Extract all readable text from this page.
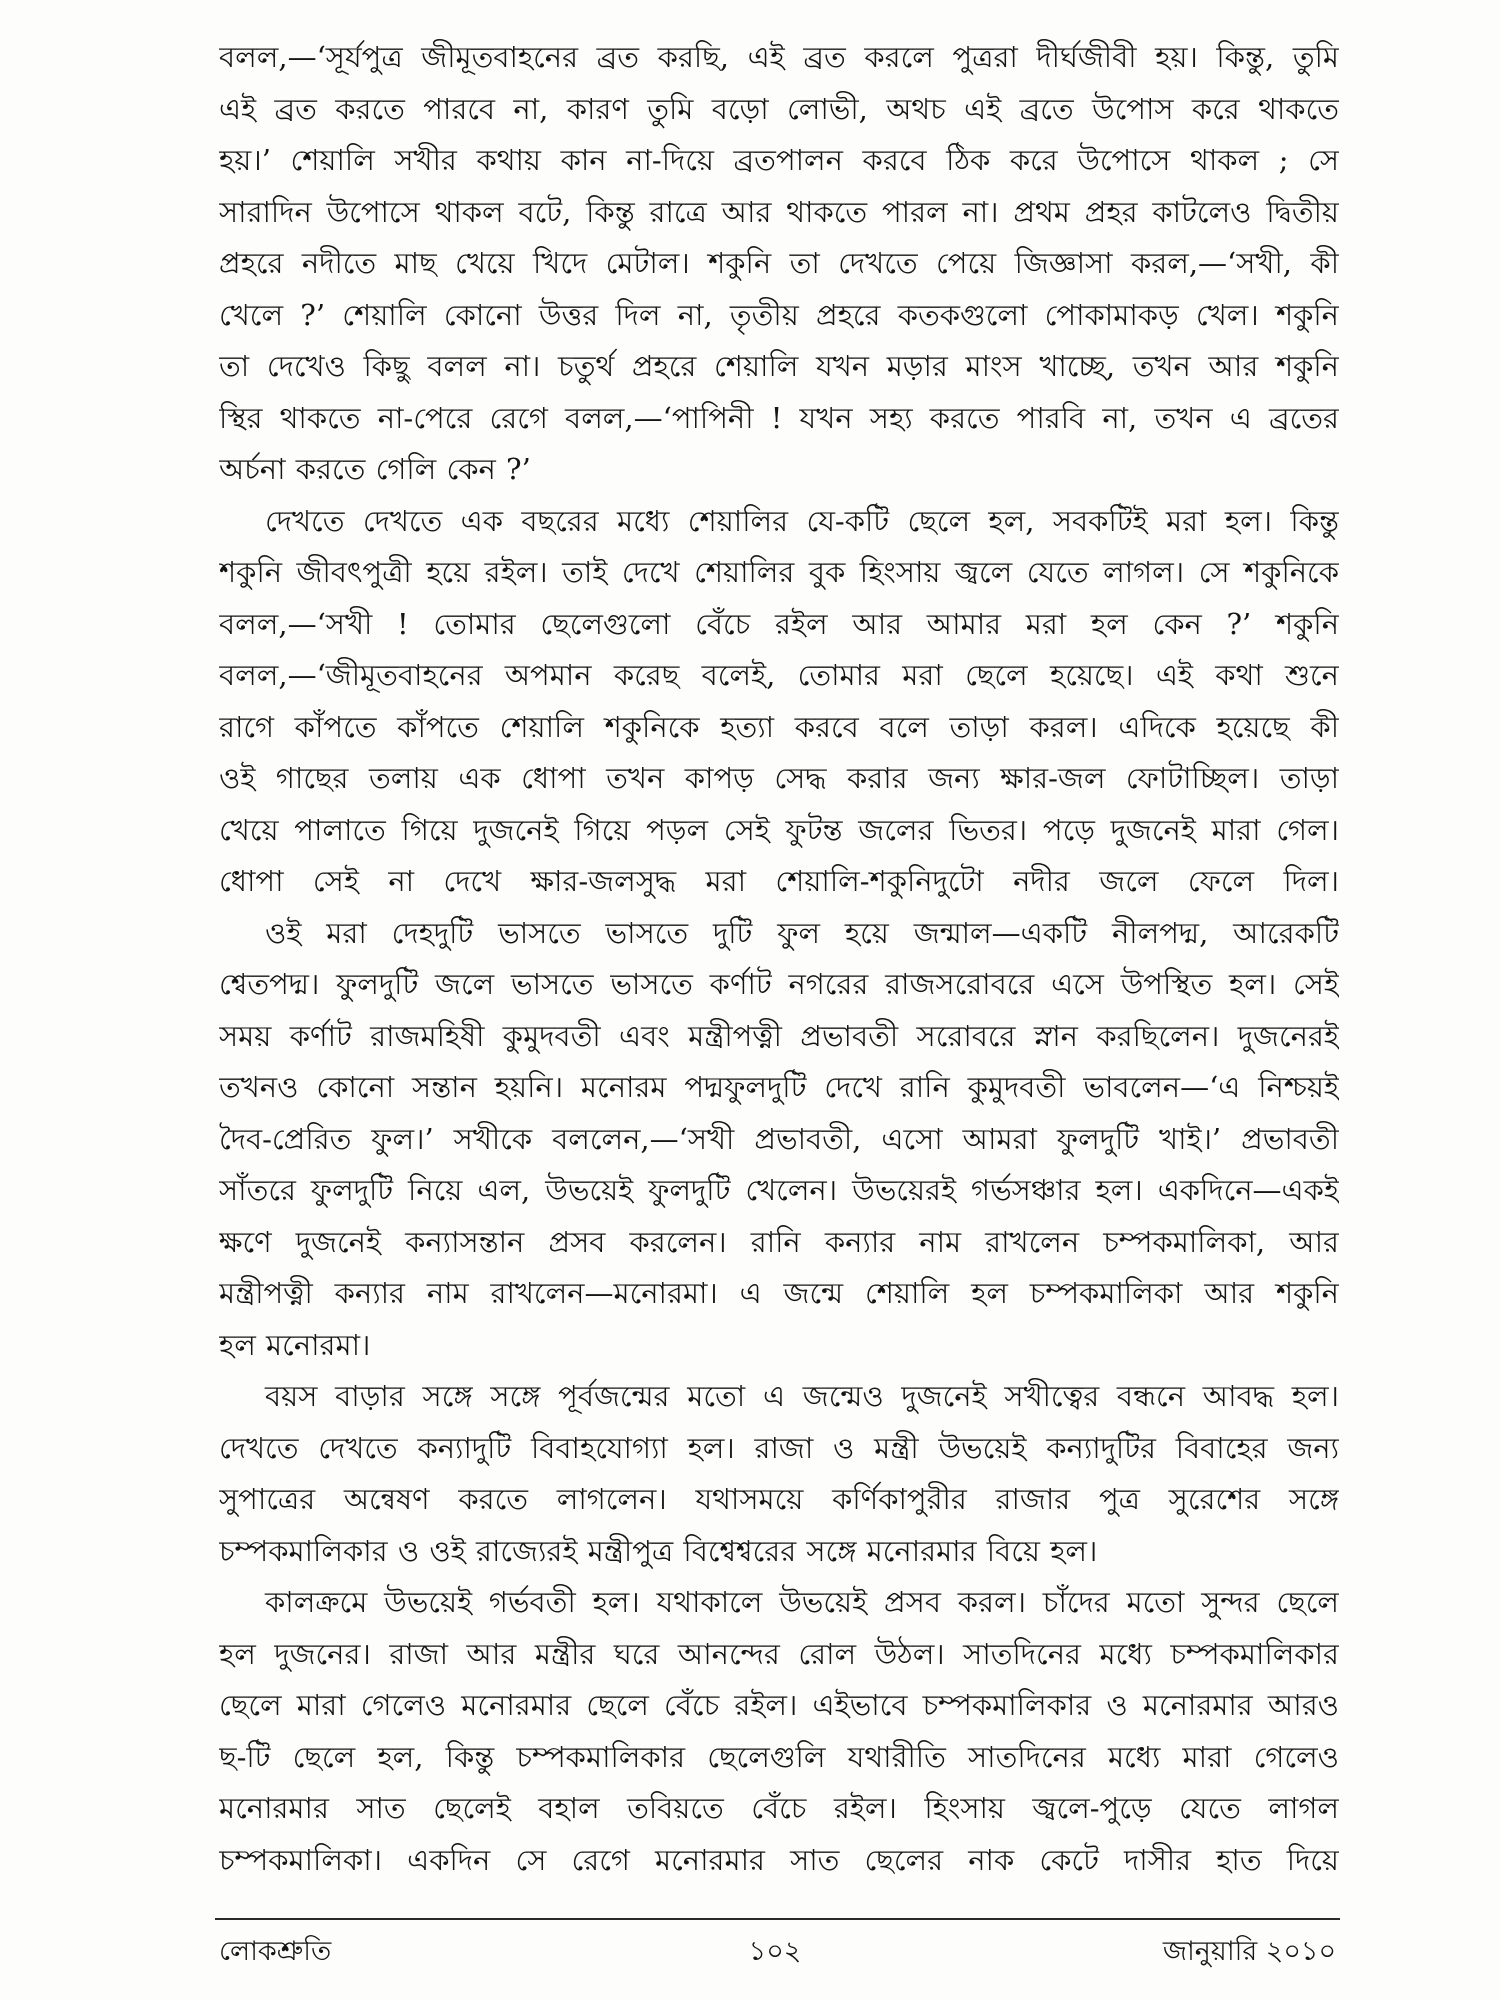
বলল,—‘সূর্যপুত্র জীমূতবাহনের ব্রত করছি, এই ব্রত করলে পুত্ররা দীর্ঘজীবী হয়। কিন্তু, তুমি
এই ব্রত করতে পারবে না, কারণ তুমি বড়ো লোভী, অথচ এই ব্রতে উপোস করে থাকতে
হয়।’ শেয়ালি সখীর কথায় কান না-দিয়ে ব্রতপালন করবে ঠিক করে উপোসে থাকল ; সে
সারাদিন উপোসে থাকল বটে, কিন্তু রাত্রে আর থাকতে পারল না। প্রথম প্রহর কাটলেও দ্বিতীয়
প্রহরে নদীতে মাছ খেয়ে খিদে মেটাল। শকুনি তা দেখতে পেয়ে জিজ্ঞাসা করল,—‘সখী, কী
খেলে ?’ শেয়ালি কোনো উত্তর দিল না, তৃতীয় প্রহরে কতকগুলো পোকামাকড় খেল। শকুনি
তা দেখেও কিছু বলল না। চতুর্থ প্রহরে শেয়ালি যখন মড়ার মাংস খাচ্ছে, তখন আর শকুনি
স্থির থাকতে না-পেরে রেগে বলল,—‘পাপিনী ! যখন সহ্য করতে পারবি না, তখন এ ব্রতের
অর্চনা করতে গেলি কেন ?’
দেখতে দেখতে এক বছরের মধ্যে শেয়ালির যে-কটি ছেলে হল, সবকটিই মরা হল। কিন্তু
শকুনি জীবৎপুত্রী হয়ে রইল। তাই দেখে শেয়ালির বুক হিংসায় জ্বলে যেতে লাগল। সে শকুনিকে
বলল,—‘সখী ! তোমার ছেলেগুলো বেঁচে রইল আর আমার মরা হল কেন ?’ শকুনি
বলল,—‘জীমূতবাহনের অপমান করেছ বলেই, তোমার মরা ছেলে হয়েছে। এই কথা শুনে
রাগে কাঁপতে কাঁপতে শেয়ালি শকুনিকে হত্যা করবে বলে তাড়া করল। এদিকে হয়েছে কী
ওই গাছের তলায় এক ধোপা তখন কাপড় সেদ্ধ করার জন্য ক্ষার-জল ফোটাচ্ছিল। তাড়া
খেয়ে পালাতে গিয়ে দুজনেই গিয়ে পড়ল সেই ফুটন্ত জলের ভিতর। পড়ে দুজনেই মারা গেল।
ধোপা সেই না দেখে ক্ষার-জলসুদ্ধ মরা শেয়ালি-শকুনিদুটো নদীর জলে ফেলে দিল।
ওই মরা দেহদুটি ভাসতে ভাসতে দুটি ফুল হয়ে জন্মাল—একটি নীলপদ্ম, আরেকটি
শ্বেতপদ্ম। ফুলদুটি জলে ভাসতে ভাসতে কর্ণাট নগরের রাজসরোবরে এসে উপস্থিত হল। সেই
সময় কর্ণাট রাজমহিষী কুমুদবতী এবং মন্ত্রীপত্নী প্রভাবতী সরোবরে স্নান করছিলেন। দুজনেরই
তখনও কোনো সন্তান হয়নি। মনোরম পদ্মফুলদুটি দেখে রানি কুমুদবতী ভাবলেন—‘এ নিশ্চয়ই
দৈব-প্রেরিত ফুল।’ সখীকে বললেন,—‘সখী প্রভাবতী, এসো আমরা ফুলদুটি খাই।’ প্রভাবতী
সাঁতরে ফুলদুটি নিয়ে এল, উভয়েই ফুলদুটি খেলেন। উভয়েরই গর্ভসঞ্চার হল। একদিনে—একই
ক্ষণে দুজনেই কন্যাসন্তান প্রসব করলেন। রানি কন্যার নাম রাখলেন চম্পকমালিকা, আর
মন্ত্রীপত্নী কন্যার নাম রাখলেন—মনোরমা। এ জন্মে শেয়ালি হল চম্পকমালিকা আর শকুনি
হল মনোরমা।
বয়স বাড়ার সঙ্গে সঙ্গে পূর্বজন্মের মতো এ জন্মেও দুজনেই সখীত্বের বন্ধনে আবদ্ধ হল।
দেখতে দেখতে কন্যাদুটি বিবাহযোগ্যা হল। রাজা ও মন্ত্রী উভয়েই কন্যাদুটির বিবাহের জন্য
সুপাত্রের অন্বেষণ করতে লাগলেন। যথাসময়ে কর্ণিকাপুরীর রাজার পুত্র সুরেশের সঙ্গে
চম্পকমালিকার ও ওই রাজ্যেরই মন্ত্রীপুত্র বিশ্বেশ্বরের সঙ্গে মনোরমার বিয়ে হল।
কালক্রমে উভয়েই গর্ভবতী হল। যথাকালে উভয়েই প্রসব করল। চাঁদের মতো সুন্দর ছেলে
হল দুজনের। রাজা আর মন্ত্রীর ঘরে আনন্দের রোল উঠল। সাতদিনের মধ্যে চম্পকমালিকার
ছেলে মারা গেলেও মনোরমার ছেলে বেঁচে রইল। এইভাবে চম্পকমালিকার ও মনোরমার আরও
ছ-টি ছেলে হল, কিন্তু চম্পকমালিকার ছেলেগুলি যথারীতি সাতদিনের মধ্যে মারা গেলেও
মনোরমার সাত ছেলেই বহাল তবিয়তে বেঁচে রইল। হিংসায় জ্বলে-পুড়ে যেতে লাগল
চম্পকমালিকা। একদিন সে রেগে মনোরমার সাত ছেলের নাক কেটে দাসীর হাত দিয়ে
লোকশ্রুতি	১০২	জানুয়ারি ২০১০
